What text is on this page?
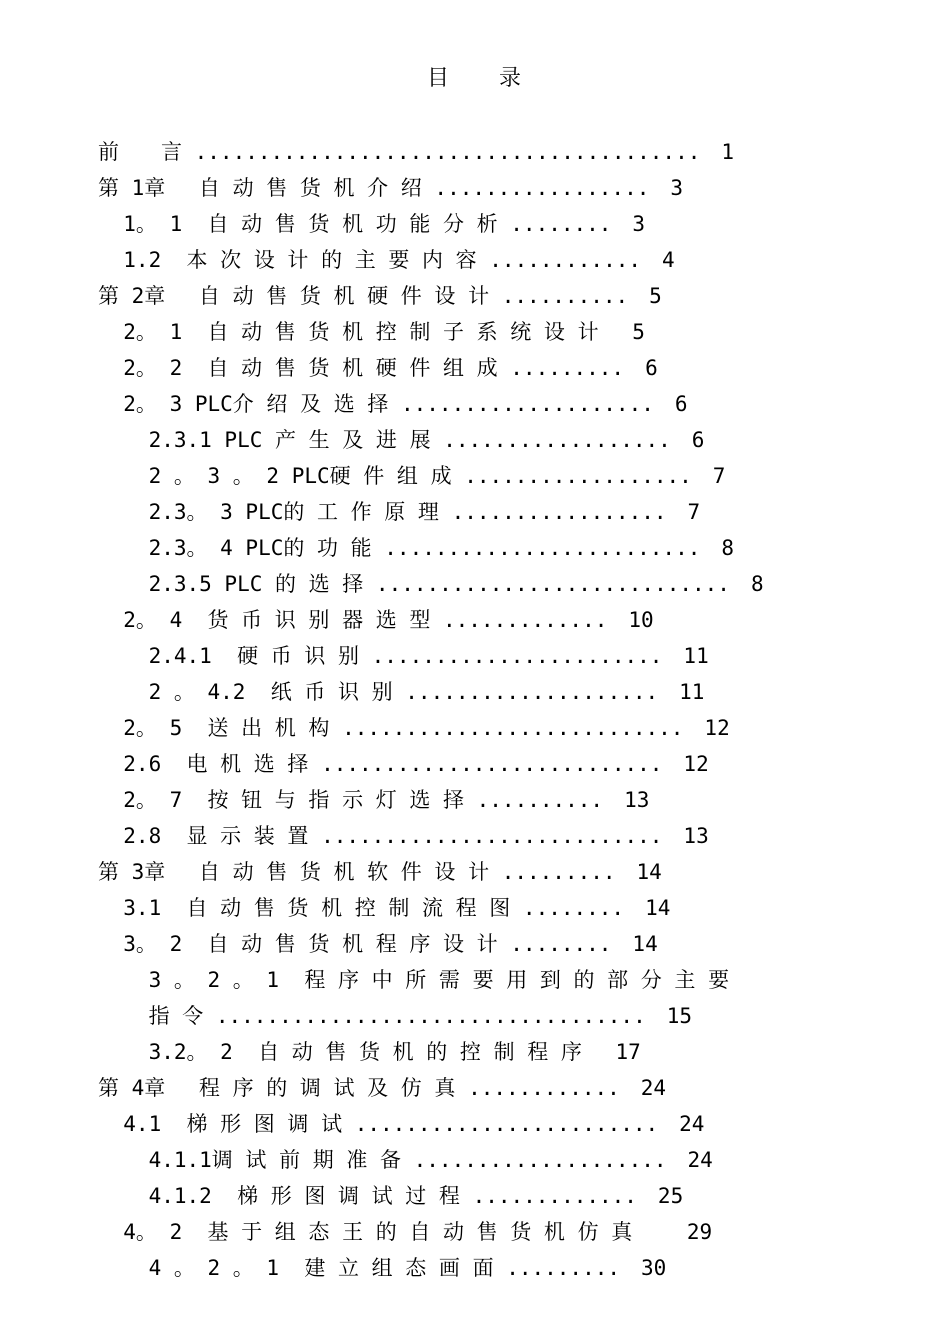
目　　录
前　　言 ........................................　1
第 1章　 自 动 售 货 机 介 绍 .................　3
1。 1  自 动 售 货 机 功 能 分 析 ........　3
1.2  本 次 设 计 的 主 要 内 容 ............　4
第 2章　 自 动 售 货 机 硬 件 设 计 ..........　5
2。 1  自 动 售 货 机 控 制 子 系 统 设 计　 5
2。 2  自 动 售 货 机 硬 件 组 成 .........　6
2。 3 PLC介 绍 及 选 择 ....................　6
2.3.1 PLC 产 生 及 进 展 ..................　6
2 。 3 。 2 PLC硬 件 组 成 ..................　7
2.3。 3 PLC的 工 作 原 理 .................　7
2.3。 4 PLC的 功 能 .........................　8
2.3.5 PLC 的 选 择 ............................　8
2。 4  货 币 识 别 器 选 型 .............　10
2.4.1  硬 币 识 别 .......................　11
2 。 4.2  纸 币 识 别 ....................　11
2。 5  送 出 机 构 ...........................　12
2.6  电 机 选 择 ...........................　12
2。 7  按 钮 与 指 示 灯 选 择 ..........　13
2.8  显 示 装 置 ...........................　13
第 3章　 自 动 售 货 机 软 件 设 计 .........　14
3.1  自 动 售 货 机 控 制 流 程 图 ........　14
3。 2  自 动 售 货 机 程 序 设 计 ........　14
3 。 2 。 1  程 序 中 所 需 要 用 到 的 部 分 主 要
指 令 ..................................　15
3.2。 2  自 动 售 货 机 的 控 制 程 序　 17
第 4章　 程 序 的 调 试 及 仿 真 ............　24
4.1  梯 形 图 调 试 ........................　24
4.1.1调 试 前 期 准 备 ....................　24
4.1.2  梯 形 图 调 试 过 程 .............　25
4。 2  基 于 组 态 王 的 自 动 售 货 机 仿 真　　 29
4 。 2 。 1  建 立 组 态 画 面 .........　30
